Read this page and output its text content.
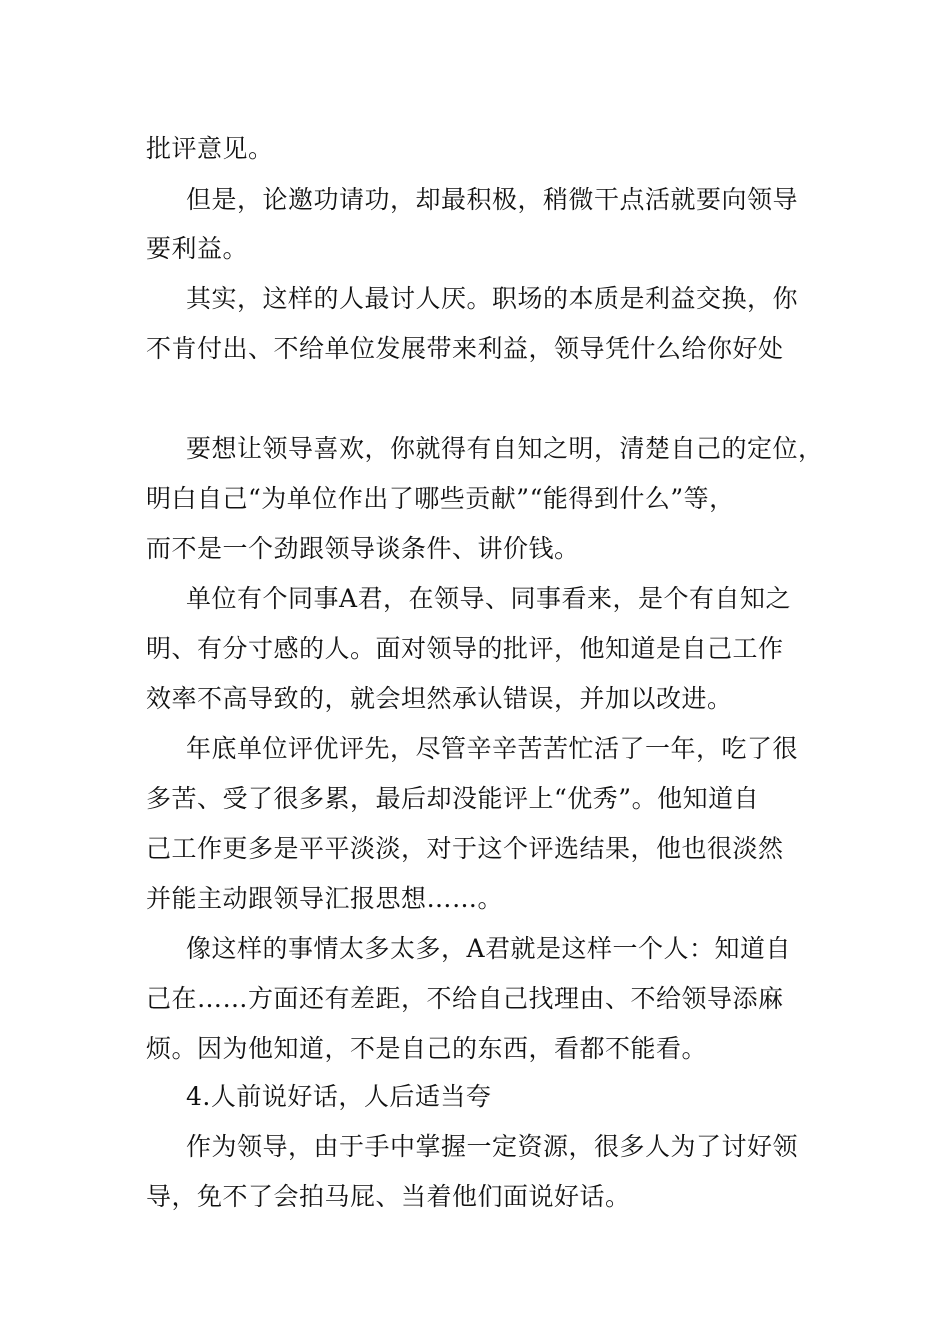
批评意见。
但是，论邀功请功，却最积极，稍微干点活就要向领导
要利益。
其实，这样的人最讨人厌。职场的本质是利益交换，你
不肯付出、不给单位发展带来利益，领导凭什么给你好处
要想让领导喜欢，你就得有自知之明，清楚自己的定位，
明白自己“为单位作出了哪些贡献”“能得到什么”等，
而不是一个劲跟领导谈条件、讲价钱。
单位有个同事A君，在领导、同事看来，是个有自知之
明、有分寸感的人。面对领导的批评，他知道是自己工作
效率不高导致的，就会坦然承认错误，并加以改进。
年底单位评优评先，尽管辛辛苦苦忙活了一年，吃了很
多苦、受了很多累，最后却没能评上“优秀”。他知道自
己工作更多是平平淡淡，对于这个评选结果，他也很淡然
并能主动跟领导汇报思想……。
像这样的事情太多太多，A君就是这样一个人：知道自
己在……方面还有差距，不给自己找理由、不给领导添麻
烦。因为他知道，不是自己的东西，看都不能看。
4.人前说好话，人后适当夸
作为领导，由于手中掌握一定资源，很多人为了讨好领
导，免不了会拍马屁、当着他们面说好话。
